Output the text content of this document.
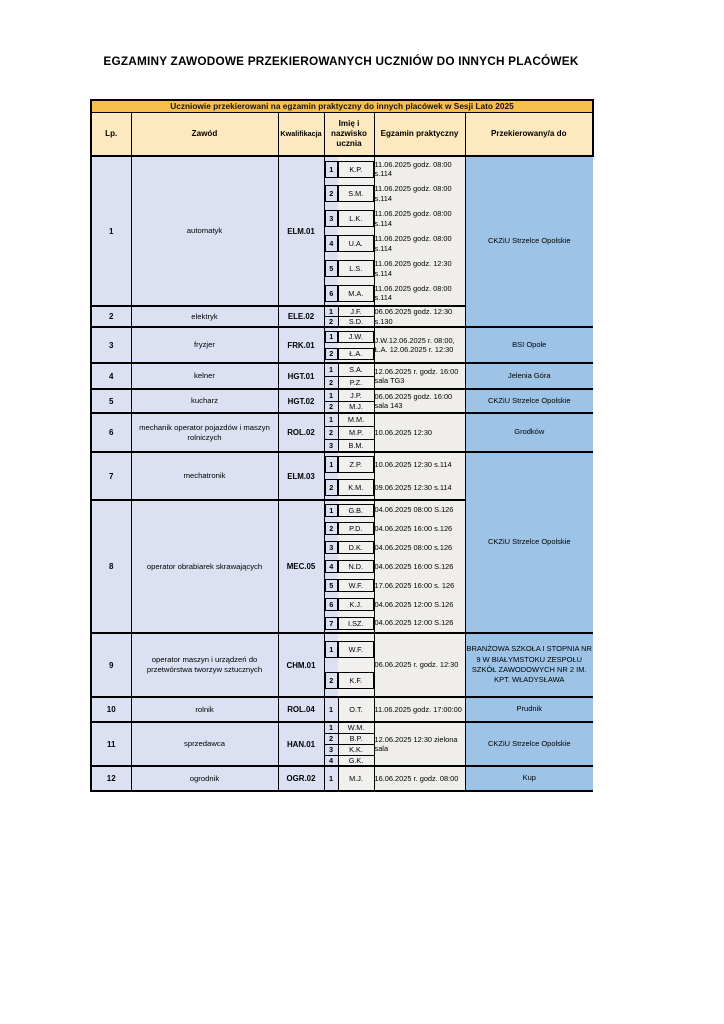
EGZAMINY ZAWODOWE PRZEKIEROWANYCH UCZNIÓW DO INNYCH PLACÓWEK
Uczniowie przekierowani na egzamin praktyczny do innych placówek w Sesji Lato 2025						
Lp.	Zawód	Kwalifikacja	Imię i nazwisko ucznia		Egzamin praktyczny	Przekierowany/a do
1	automatyk	ELM.01	1	K.P.	11.06.2025 godz. 08:00 s.114	CKZiU Strzelce Opolskie

2	S.M.	11.06.2025 godz. 08:00 s.114	

3	L.K.	11.06.2025 godz. 08:00 s.114	

4	U.A.	11.06.2025 godz. 08:00 s.114	

5	L.S.	11.06.2025 godz. 12:30 s.114	

6	M.A.	11.06.2025 godz. 08:00 s.114	
2	elektryk	ELE.02	1	J.F.	06.06.2025 godz. 12:30 s.130	
			2	S.D.		
3	fryzjer	FRK.01	1	J.W.	J.W.12.06.2025 r. 08:00, Ł.A. 12.06.2025 r. 12:30	BSI Opole

2	Ł.A.		

4	kelner	HGT.01	1	S.A.	12.06.2025 r. godz. 16:00 sala TG3	Jelenia Góra
			2	P.Z.		
5	kucharz	HGT.02	1	J.P.	06.06.2025 godz. 16:00 sala 143	CKZiU Strzelce Opolskie
			2	M.J.		
6	mechanik operator pojazdów i maszyn rolniczych	ROL.02	1	M.M.	10.06.2025 12:30	Grodków
			2	M.P.		
			3	B.M.		
7	mechatronik	ELM.03	1	Z.P.	10.06.2025 12:30 s.114	CKZiU Strzelce Opolskie

2	K.M.	09.06.2025 12:30 s.114	
8	operator obrabiarek skrawających	MEC.05	1	G.B.	04.06.2025 08:00 S.126	

2	P.D.	04.06.2025 16:00 s.126	

3	D.K.	04.06.2025 08:00 s.126	

4	N.D.	04.06.2025 16:00 S.126	

5	W.F.	17.06.2025 16:00 s. 126	

6	K.J.	04.06.2025 12:00 S.126	

7	I.SZ.	04.06.2025 12:00 S.126	
9	operator maszyn i urządzeń do przetwórstwa tworzyw sztucznych	CHM.01	1	W.F.	06.06.2025 r. godz. 12:30	BRANŻOWA SZKOŁA I STOPNIA NR 9 W BIAŁYMSTOKU ZESPOŁU SZKÓŁ ZAWODOWYCH NR 2 IM. KPT. WŁADYSŁAWA

2	K.F.		

10	rolnik	ROL.04	1	O.T.	11.06.2025 godz. 17:00:00	Prudnik
11	sprzedawca	HAN.01	1	W.M.	12.06.2025 12:30 zielona sala	CKZiU Strzelce Opolskie
			2	B.P.		
			3	K.K.		
			4	G.K.		
12	ogrodnik	OGR.02	1	M.J.	16.06.2025 r. godz. 08:00	Kup
